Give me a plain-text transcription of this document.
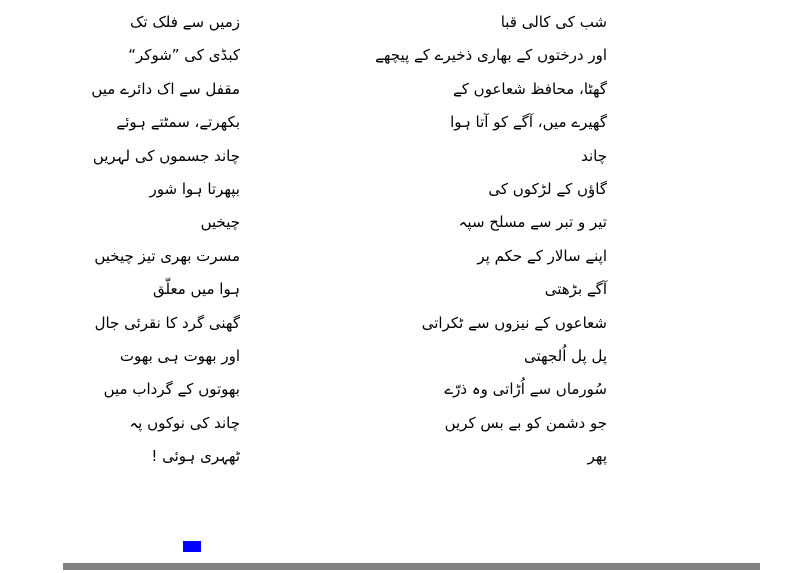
شب کی کالی قبا
اور درختوں کے بھاری ذخیرے کے پیچھے
گھٹا، محافظ شعاعوں کے
گھیرے میں، آگے کو آتا ہوا
چاند
گاؤں کے لڑکوں کی
تیر و تبر سے مسلح سپہ
اپنے سالار کے حکم پر
آگے بڑھتی
شعاعوں کے نیزوں سے ٹکراتی
پل پل اُلجھتی
سُورماں سے اُڑاتی وہ ذرّے
جو دشمن کو بے بس کریں
پھر
زمیں سے فلک تک
کبڈی کی ”شوکر“
مقفل سے اک دائرے میں
بکھرتے، سمٹتے ہوئے
چاند جسموں کی لہریں
بپھرتا ہوا شور
چیخیں
مسرت بھری تیز چیخیں
ہوا میں معلّق
گھنی گرد کا نقرئی جال
اور بھوت ہی بھوت
بھوتوں کے گرداب میں
چاند کی نوکوں پہ
ٹھہری ہوئی !
